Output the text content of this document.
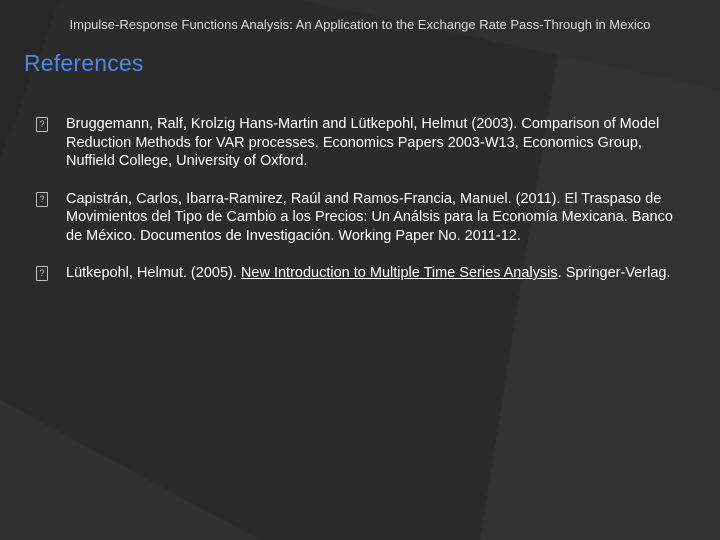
Impulse-Response Functions Analysis: An Application to the Exchange Rate Pass-Through in Mexico
References
? Bruggemann, Ralf, Krolzig Hans-Martin and Lütkepohl, Helmut (2003). Comparison of Model Reduction Methods for VAR processes. Economics Papers 2003-W13, Economics Group, Nuffield College, University of Oxford.
? Capistrán, Carlos, Ibarra-Ramirez, Raúl and Ramos-Francia, Manuel. (2011). El Traspaso de Movimientos del Tipo de Cambio a los Precios: Un Análsis para la Economía Mexicana. Banco de México. Documentos de Investigación. Working Paper No. 2011-12.
? Lütkepohl, Helmut. (2005). New Introduction to Multiple Time Series Analysis. Springer-Verlag.
